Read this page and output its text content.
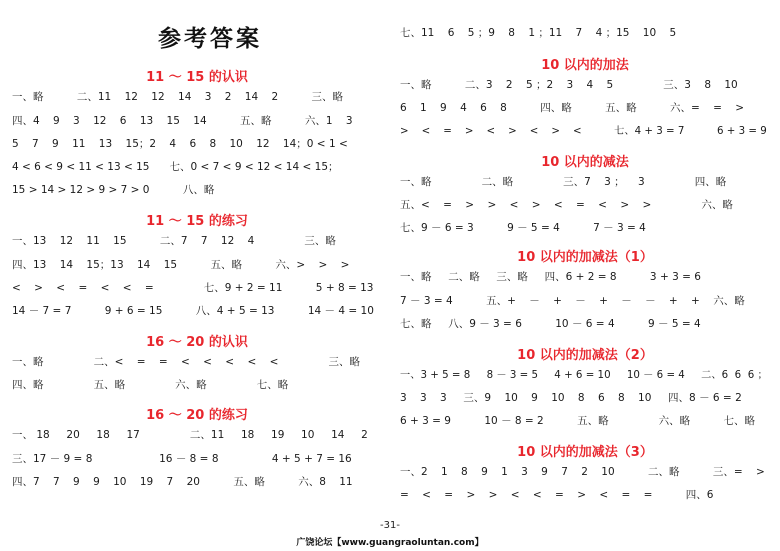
参考答案
11 ～ 15 的认识
一、略          二、11    12    12    14    3    2    14    2          三、略
四、4    9    3    12    6    13    15    14          五、略          六、1    3
5    7    9    11    13    15；2    4    6    8    10    12    14；0 < 1 <
4 < 6 < 9 < 11 < 13 < 15      七、0 < 7 < 9 < 12 < 14 < 15；
15 > 14 > 12 > 9 > 7 > 0          八、略
11 ～ 15 的练习
一、13    12    11    15          二、7    7    12    4               三、略
四、13    14    15；13    14    15          五、略          六、>    >    >
<    >    <    =    <    <    =               七、9 + 2 = 11          5 + 8 = 13
14 － 7 = 7          9 + 6 = 15          八、4 + 5 = 13          14 － 4 = 10
16 ～ 20 的认识
一、略               二、<    =    =    <    <    <    <    <               三、略
四、略               五、略               六、略               七、略
16 ～ 20 的练习
一、 18     20     18     17               二、11     18     19     10     14     2
三、17 － 9 = 8                    16 － 8 = 8                4 + 5 + 7 = 16
四、7    7    9    9    10    19    7    20          五、略          六、8    11
七、11    6    5 ；9    8    1 ；11    7    4 ；15    10    5
10 以内的加法
一、略          二、3    2    5 ；2    3    4    5               三、3    8    10
6    1    9    4    6    8          四、略          五、略          六、=    =    >
>    <    =    >    <    >    <    >    <          七、4 + 3 = 7          6 + 3 = 9
10 以内的减法
一、略               二、略               三、7    3 ；    3               四、略
五、<    =    >    >    <    >    <    =    <    >    >               六、略
七、9 － 6 = 3          9 － 5 = 4          7 － 3 = 4
10 以内的加减法（1）
一、略     二、略     三、略     四、6 + 2 = 8          3 + 3 = 6
7 － 3 = 4          五、+    －    +    －    +    －    －    +    +    六、略
七、略     八、9 － 3 = 6          10 － 6 = 4          9 － 5 = 4
10 以内的加减法（2）
一、3 + 5 = 8     8 － 3 = 5     4 + 6 = 10     10 － 6 = 4     二、6  6  6 ；
3    3    3     三、9    10    9    10    8    6    8    10     四、8 － 6 = 2
6 + 3 = 9          10 － 8 = 2          五、略               六、略          七、略
10 以内的加减法（3）
一、2    1    8    9    1    3    9    7    2    10          二、略          三、=    >
=    <    =    >    >    <    <    =    >    <    =    =          四、6
-31-
广饶论坛【www.guangraoluntan.com】
